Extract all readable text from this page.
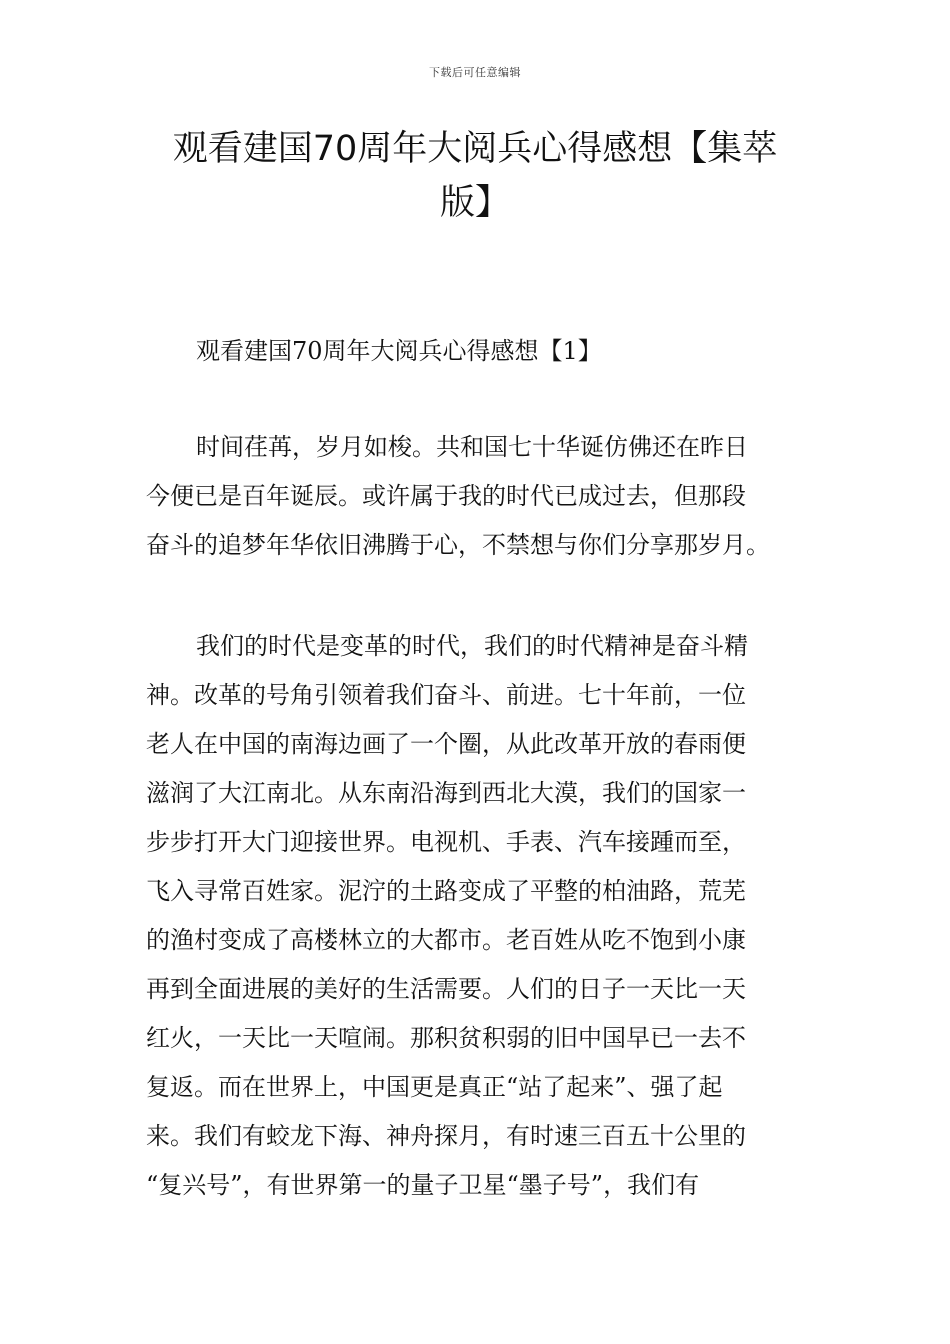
下载后可任意编辑
观看建国70周年大阅兵心得感想【集萃
版】
观看建国70周年大阅兵心得感想【1】
时间荏苒，岁月如梭。共和国七十华诞仿佛还在昨日
今便已是百年诞辰。或许属于我的时代已成过去，但那段
奋斗的追梦年华依旧沸腾于心，不禁想与你们分享那岁月。
我们的时代是变革的时代，我们的时代精神是奋斗精
神。改革的号角引领着我们奋斗、前进。七十年前，一位
老人在中国的南海边画了一个圈，从此改革开放的春雨便
滋润了大江南北。从东南沿海到西北大漠，我们的国家一
步步打开大门迎接世界。电视机、手表、汽车接踵而至，
飞入寻常百姓家。泥泞的土路变成了平整的柏油路，荒芜
的渔村变成了高楼林立的大都市。老百姓从吃不饱到小康
再到全面进展的美好的生活需要。人们的日子一天比一天
红火，一天比一天喧闹。那积贫积弱的旧中国早已一去不
复返。而在世界上，中国更是真正“站了起来”、强了起
来。我们有蛟龙下海、神舟探月，有时速三百五十公里的
“复兴号”，有世界第一的量子卫星“墨子号”，我们有
